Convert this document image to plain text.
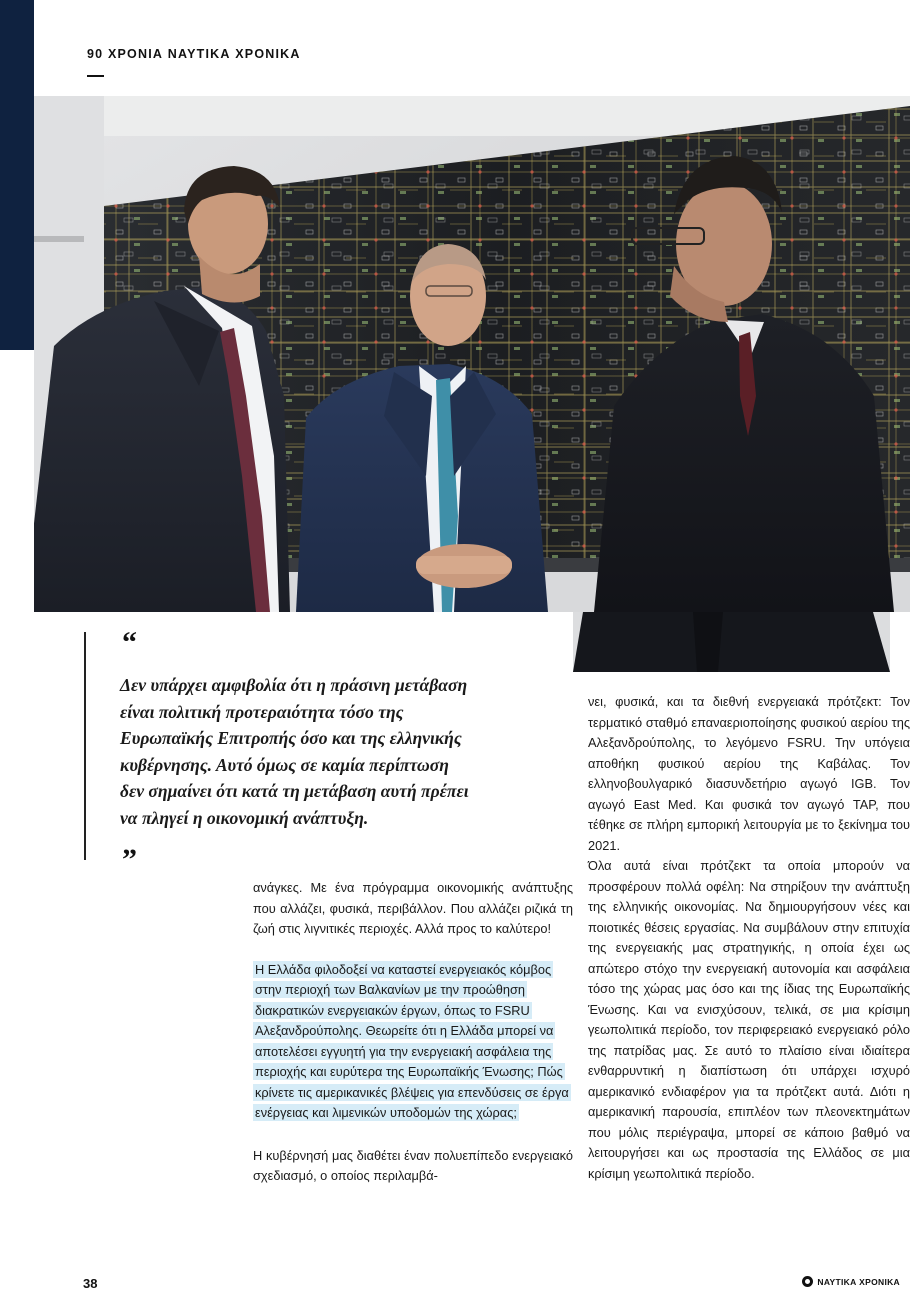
90 ΧΡΟΝΙΑ ΝΑΥΤΙΚΑ ΧΡΟΝΙΚΑ
“
Δεν υπάρχει αμφιβολία ότι η πράσινη μετάβαση
είναι πολιτική προτεραιότητα τόσο της
Ευρωπαϊκής Επιτροπής όσο και της ελληνικής
κυβέρνησης. Αυτό όμως σε καμία περίπτωση
δεν σημαίνει ότι κατά τη μετάβαση αυτή πρέπει
να πληγεί η οικονομική ανάπτυξη.
”

ανάγκες. Με ένα πρόγραμμα οικονομικής ανάπτυξης που αλλάζει, φυσικά, περιβάλλον. Που αλλάζει ριζικά τη ζωή στις λιγνιτικές περιοχές. Αλλά προς το καλύτερο!

Η Ελλάδα φιλοδοξεί να καταστεί ενεργειακός κόμβος στην περιοχή των Βαλκανίων με την προώθηση διακρατικών ενεργειακών έργων, όπως το FSRU Αλεξανδρούπολης. Θεωρείτε ότι η Ελλάδα μπορεί να αποτελέσει εγγυητή για την ενεργειακή ασφάλεια της περιοχής και ευρύτερα της Ευρωπαϊκής Ένωσης; Πώς κρίνετε τις αμερικανικές βλέψεις για επενδύσεις σε έργα ενέργειας και λιμενικών υποδομών της χώρας;

Η κυβέρνησή μας διαθέτει έναν πολυεπίπεδο ενεργειακό σχεδιασμό, ο οποίος περιλαμβά-

νει, φυσικά, και τα διεθνή ενεργειακά πρότζεκτ: Τον τερματικό σταθμό επαναεριοποίησης φυσικού αερίου της Αλεξανδρούπολης, το λεγόμενο FSRU. Την υπόγεια αποθήκη φυσικού αερίου της Καβάλας. Τον ελληνοβουλγαρικό διασυνδετήριο αγωγό IGB. Τον αγωγό East Med. Και φυσικά τον αγωγό TAP, που τέθηκε σε πλήρη εμπορική λειτουργία με το ξεκίνημα του 2021.

Όλα αυτά είναι πρότζεκτ τα οποία μπορούν να προσφέρουν πολλά οφέλη: Να στηρίξουν την ανάπτυξη της ελληνικής οικονομίας. Να δημιουργήσουν νέες και ποιοτικές θέσεις εργασίας. Να συμβάλουν στην επιτυχία της ενεργειακής μας στρατηγικής, η οποία έχει ως απώτερο στόχο την ενεργειακή αυτονομία και ασφάλεια τόσο της χώρας μας όσο και της ίδιας της Ευρωπαϊκής Ένωσης. Και να ενισχύσουν, τελικά, σε μια κρίσιμη γεωπολιτικά περίοδο, τον περιφερειακό ενεργειακό ρόλο της πατρίδας μας. Σε αυτό το πλαίσιο είναι ιδιαίτερα ενθαρρυντική η διαπίστωση ότι υπάρχει ισχυρό αμερικανικό ενδιαφέρον για τα πρότζεκτ αυτά. Διότι η αμερικανική παρουσία, επιπλέον των πλεονεκτημάτων που μόλις περιέγραψα, μπορεί σε κάποιο βαθμό να λειτουργήσει και ως προστασία της Ελλάδος σε μια κρίσιμη γεωπολιτικά περίοδο.

38	ΝΑΥΤΙΚΑ ΧΡΟΝΙΚΑ
